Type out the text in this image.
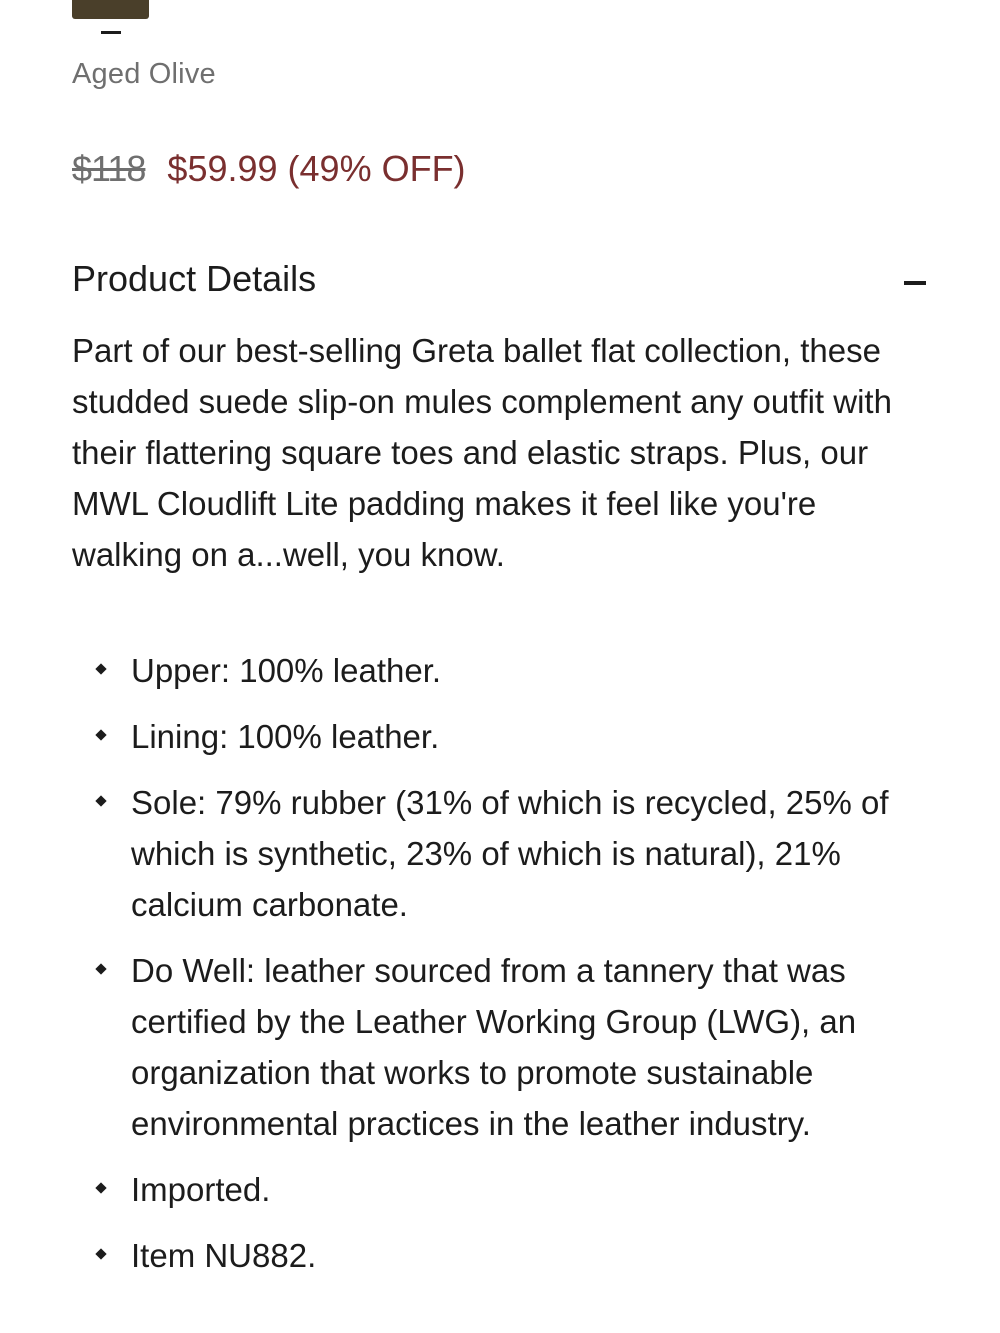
Aged Olive
$118 $59.99 (49% OFF)
Product Details

Part of our best-selling Greta ballet flat collection, these studded suede slip-on mules complement any outfit with their flattering square toes and elastic straps. Plus, our MWL Cloudlift Lite padding makes it feel like you're walking on a...well, you know.

Upper: 100% leather.
Lining: 100% leather.
Sole: 79% rubber (31% of which is recycled, 25% of which is synthetic, 23% of which is natural), 21% calcium carbonate.
Do Well: leather sourced from a tannery that was certified by the Leather Working Group (LWG), an organization that works to promote sustainable environmental practices in the leather industry.
Imported.
Item NU882.
